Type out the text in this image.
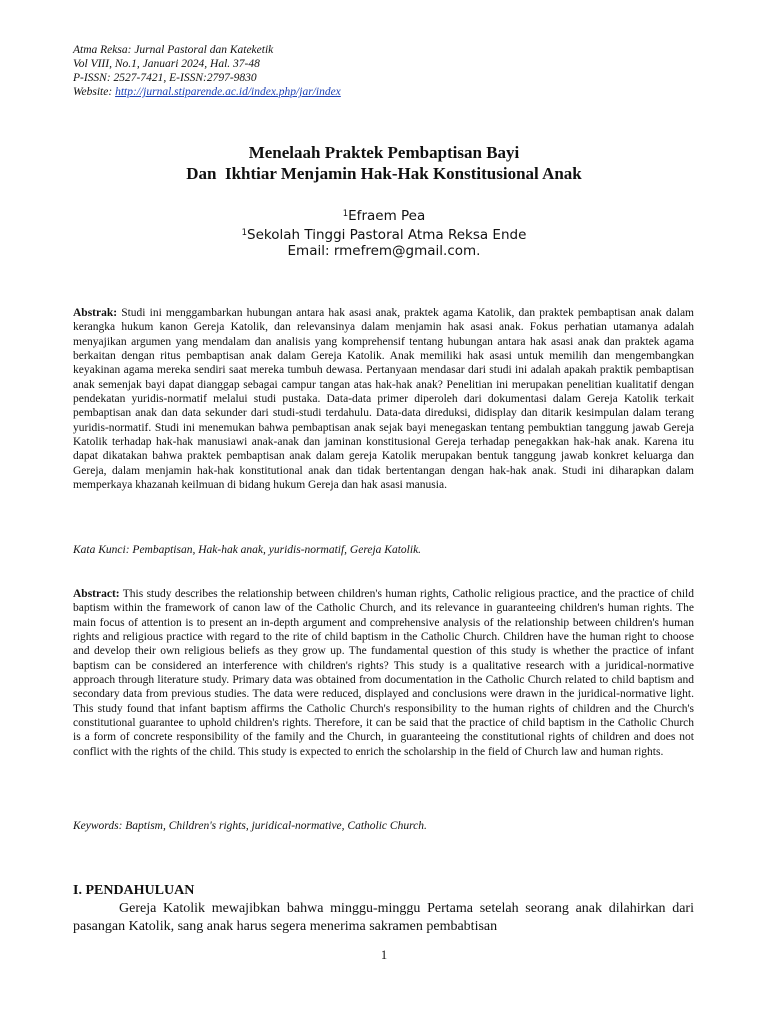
Atma Reksa: Jurnal Pastoral dan Kateketik
Vol VIII, No.1, Januari 2024, Hal. 37-48
P-ISSN: 2527-7421, E-ISSN:2797-9830
Website: http://jurnal.stiparende.ac.id/index.php/jar/index
Menelaah Praktek Pembaptisan Bayi
Dan  Ikhtiar Menjamin Hak-Hak Konstitusional Anak
$^1$Efraem Pea
$^1$Sekolah Tinggi Pastoral Atma Reksa Ende
Email: rmefrem@gmail.com.
Abstrak: Studi ini menggambarkan hubungan antara hak asasi anak, praktek agama Katolik, dan praktek pembaptisan anak dalam kerangka hukum kanon Gereja Katolik, dan relevansinya dalam menjamin hak asasi anak. Fokus perhatian utamanya adalah menyajikan argumen yang mendalam dan analisis yang komprehensif tentang hubungan antara hak asasi anak dan praktek agama berkaitan dengan ritus pembaptisan anak dalam Gereja Katolik. Anak memiliki hak asasi untuk memilih dan mengembangkan keyakinan agama mereka sendiri saat mereka tumbuh dewasa. Pertanyaan mendasar dari studi ini adalah apakah praktik pembaptisan anak semenjak bayi dapat dianggap sebagai campur tangan atas hak-hak anak? Penelitian ini merupakan penelitian kualitatif dengan pendekatan yuridis-normatif melalui studi pustaka. Data-data primer diperoleh dari dokumentasi dalam Gereja Katolik terkait pembaptisan anak dan data sekunder dari studi-studi terdahulu. Data-data direduksi, didisplay dan ditarik kesimpulan dalam terang yuridis-normatif. Studi ini menemukan bahwa pembaptisan anak sejak bayi menegaskan tentang pembuktian tanggung jawab Gereja Katolik terhadap hak-hak manusiawi anak-anak dan jaminan konstitusional Gereja terhadap penegakkan hak-hak anak. Karena itu dapat dikatakan bahwa praktek pembaptisan anak dalam gereja Katolik merupakan bentuk tanggung jawab konkret keluarga dan Gereja, dalam menjamin hak-hak konstitutional anak dan tidak bertentangan dengan hak-hak anak. Studi ini diharapkan dalam memperkaya khazanah keilmuan di bidang hukum Gereja dan hak asasi manusia.
Kata Kunci: Pembaptisan, Hak-hak anak, yuridis-normatif, Gereja Katolik.
Abstract: This study describes the relationship between children's human rights, Catholic religious practice, and the practice of child baptism within the framework of canon law of the Catholic Church, and its relevance in guaranteeing children's human rights. The main focus of attention is to present an in-depth argument and comprehensive analysis of the relationship between children's human rights and religious practice with regard to the rite of child baptism in the Catholic Church. Children have the human right to choose and develop their own religious beliefs as they grow up. The fundamental question of this study is whether the practice of infant baptism can be considered an interference with children's rights? This study is a qualitative research with a juridical-normative approach through literature study. Primary data was obtained from documentation in the Catholic Church related to child baptism and secondary data from previous studies. The data were reduced, displayed and conclusions were drawn in the juridical-normative light. This study found that infant baptism affirms the Catholic Church's responsibility to the human rights of children and the Church's constitutional guarantee to uphold children's rights. Therefore, it can be said that the practice of child baptism in the Catholic Church is a form of concrete responsibility of the family and the Church, in guaranteeing the constitutional rights of children and does not conflict with the rights of the child. This study is expected to enrich the scholarship in the field of Church law and human rights.
Keywords: Baptism, Children's rights, juridical-normative, Catholic Church.
I. PENDAHULUAN
Gereja Katolik mewajibkan bahwa minggu-minggu Pertama setelah seorang anak dilahirkan dari pasangan Katolik, sang anak harus segera menerima sakramen pembabtisan
1
